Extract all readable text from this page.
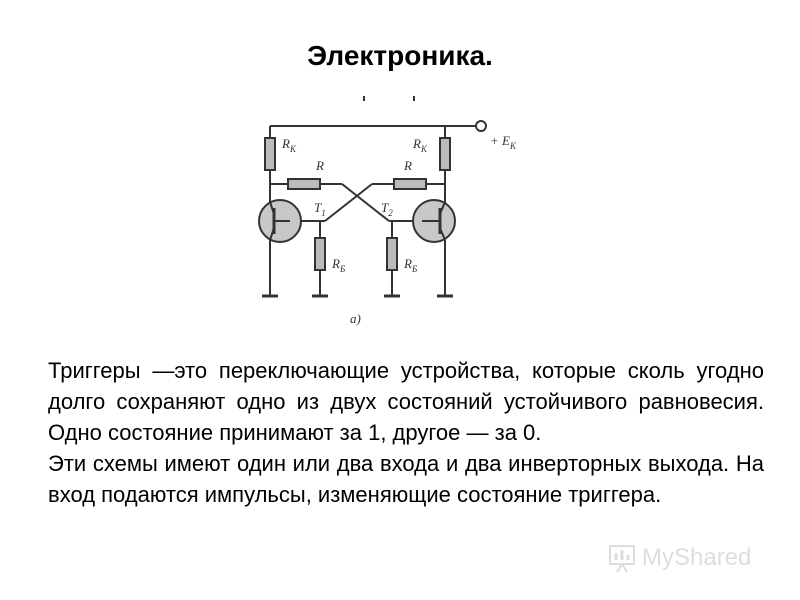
Электроника.
$R_К$	$R_К$
R	R
$T_1$	$T_2$
$R_Б$	$R_Б$
+ $E_К$
а)

Триггеры —это переключающие устройства, которые сколь угодно долго сохраняют одно из двух состояний устойчивого равновесия. Одно состояние принимают за 1, другое — за 0.

Эти схемы имеют один или два входа и два инверторных выхода. На вход подаются импульсы, изменяющие состояние триггера.

MyShared
